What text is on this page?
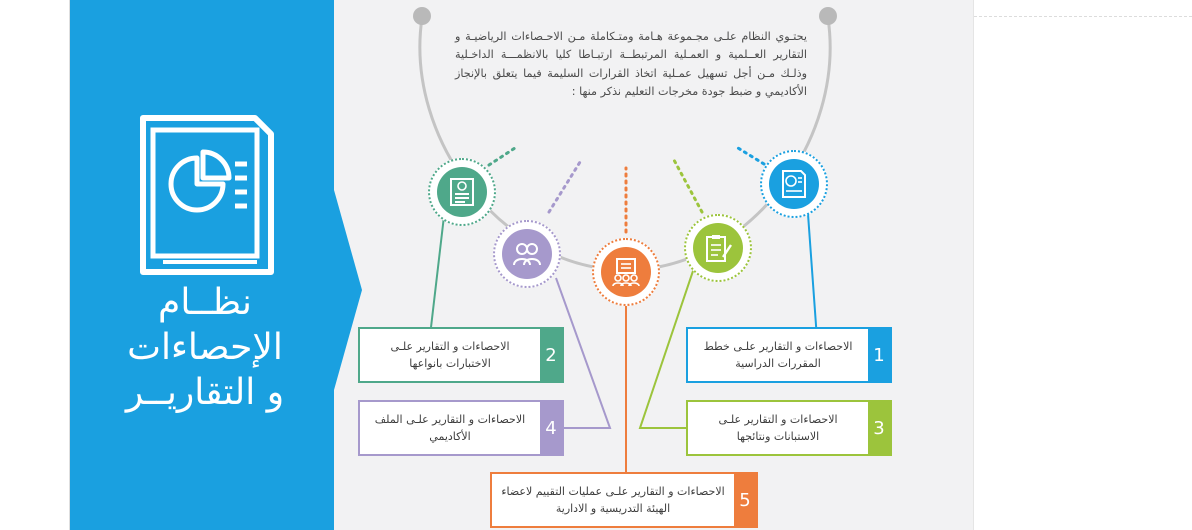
نظــام
الإحصاءات
و التقاريــر
يحتـوي النظام علـى مجـموعة هـامة ومتـكاملة مـن الاحـصاءات الرياضيـة و التقارير العــلمية و العمـلية المرتبطــة ارتبـاطا كليا بالانظمـــة الداخـلية وذلـك مـن أجل تسهيل عمـلية اتخاذ القرارات السليمة فيما يتعلق بالإنجاز الأكاديمي و ضبط جودة مخرجات التعليم نذكر منها :
1
الاحصاءات و التقارير علـى خطط المقررات الدراسية
2
الاحصاءات و التقارير علـى الاختبارات بانواعها
3
الاحصاءات و التقارير علـى الاستبانات ونتائجها
4
الاحصاءات و التقارير علـى الملف الأكاديمي
5
الاحصاءات و التقارير علـى عمليات التقييم لاعضاء الهيئة التدريسية و الادارية
